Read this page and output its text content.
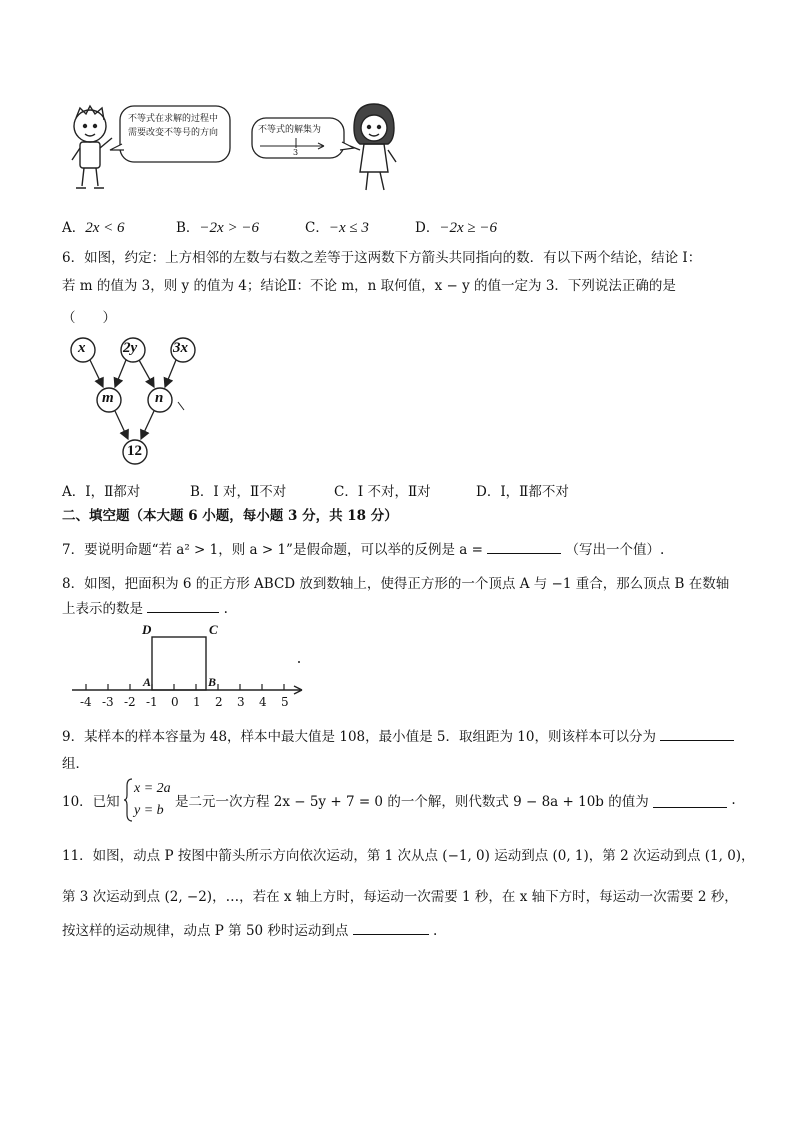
不等式在求解的过程中需要改变不等号的方向	不等式的解集为
3
A．2x < 6	B．−2x > −6	C．−x ≤ 3	D．−2x ≥ −6
6．如图，约定：上方相邻的左数与右数之差等于这两数下方箭头共同指向的数．有以下两个结论，结论 I：
若 m 的值为 3，则 y 的值为 4；结论Ⅱ：不论 m，n 取何值，x − y 的值一定为 3．下列说法正确的是
（　　）
x	2y 3x
m	n
12
A．I，Ⅱ都对	B．I 对，Ⅱ不对	C．I 不对，Ⅱ对	D．I，Ⅱ都不对
二、填空题（本大题 6 小题，每小题 3 分，共 18 分）
7．要说明命题“若 a² > 1，则 a > 1”是假命题，可以举的反例是 a =	（写出一个值）.
8．如图，把面积为 6 的正方形 ABCD 放到数轴上，使得正方形的一个顶点 A 与 −1 重合，那么顶点 B 在数轴
上表示的数是	.
D	C
A	B
-4 -3 -2 -1 0 1 2 3 4 5
9．某样本的样本容量为 48，样本中最大值是 108，最小值是 5．取组距为 10，则该样本可以分为
组．
10．已知
x = 2a
y = b
是二元一次方程 2x − 5y + 7 = 0 的一个解，则代数式 9 − 8a + 10b 的值为	.
11．如图，动点 P 按图中箭头所示方向依次运动，第 1 次从点 (−1, 0) 运动到点 (0, 1)，第 2 次运动到点 (1, 0)，
第 3 次运动到点 (2, −2)，…，若在 x 轴上方时，每运动一次需要 1 秒，在 x 轴下方时，每运动一次需要 2 秒，
按这样的运动规律，动点 P 第 50 秒时运动到点	.
